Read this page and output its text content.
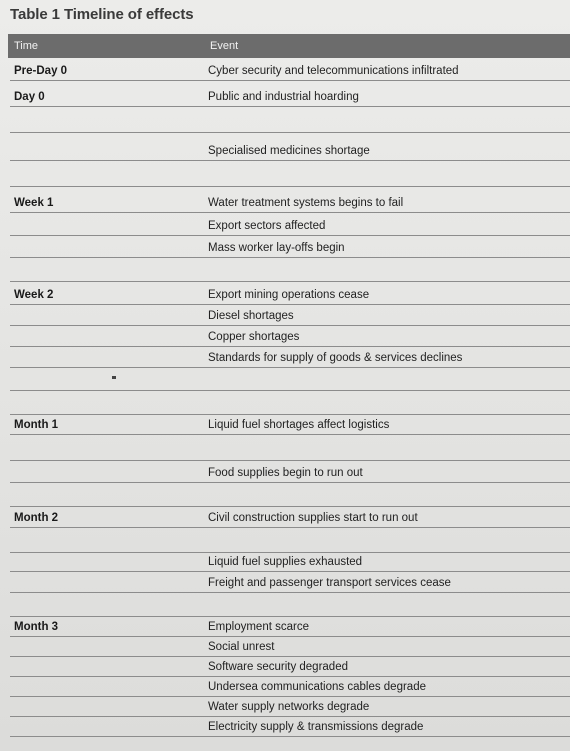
Table 1 Timeline of effects
Time	Event
Pre-Day 0	Cyber security and telecommunications infiltrated
Day 0	Public and industrial hoarding
Specialised medicines shortage
Week 1	Water treatment systems begins to fail
Export sectors affected
Mass worker lay-offs begin
Week 2	Export mining operations cease
Diesel shortages
Copper shortages
Standards for supply of goods & services declines
Month 1	Liquid fuel shortages affect logistics
Food supplies begin to run out
Month 2	Civil construction supplies start to run out
Liquid fuel supplies exhausted
Freight and passenger transport services cease
Month 3	Employment scarce
Social unrest
Software security degraded
Undersea communications cables degrade
Water supply networks degrade
Electricity supply & transmissions degrade
